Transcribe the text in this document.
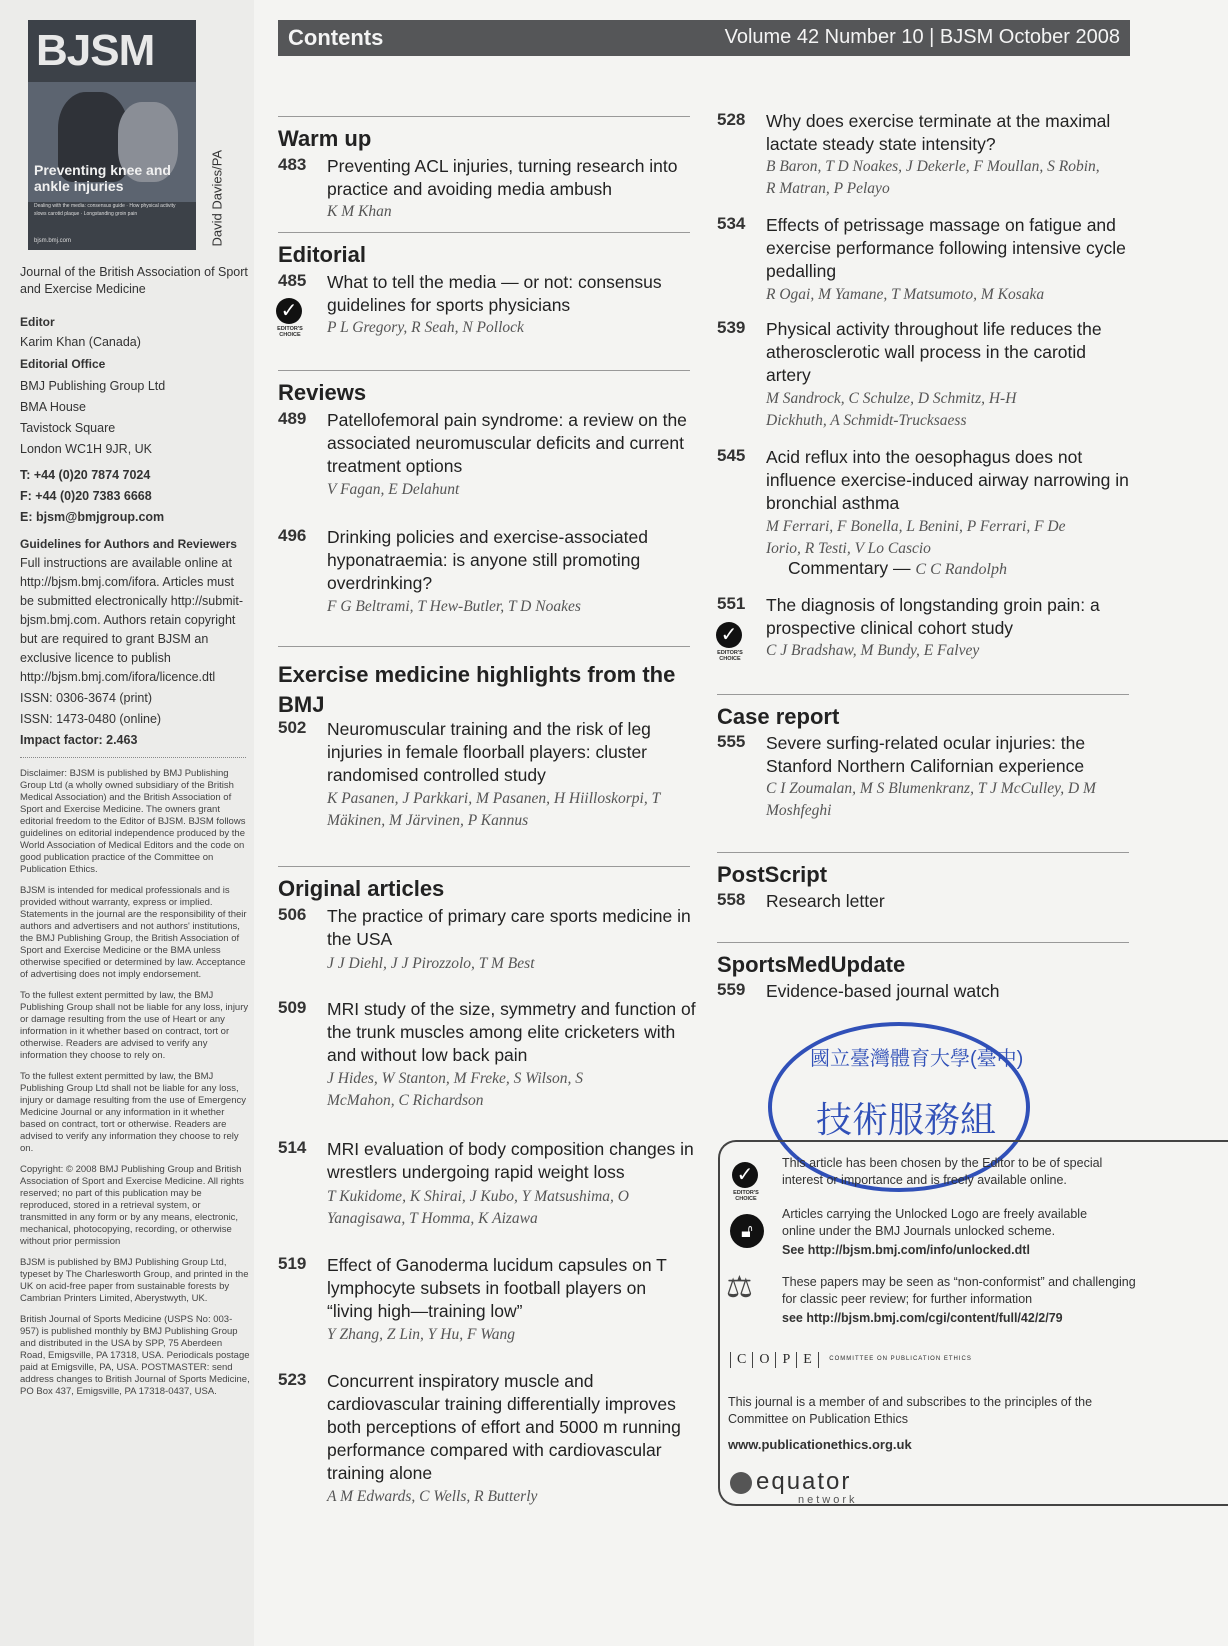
BJSM
Preventing knee and ankle injuries
Dealing with the media: consensus guide · How physical activity slows carotid plaque · Longstanding groin pain
bjsm.bmj.com	David Davies/PA
Journal of the British Association of Sport and Exercise Medicine
Editor
Karim Khan (Canada)
Editorial Office
BMJ Publishing Group Ltd
BMA House
Tavistock Square
London WC1H 9JR, UK
T: +44 (0)20 7874 7024
F: +44 (0)20 7383 6668
E: bjsm@bmjgroup.com
Guidelines for Authors and Reviewers
Full instructions are available online at http://bjsm.bmj.com/ifora. Articles must be submitted electronically http://submit-bjsm.bmj.com. Authors retain copyright but are required to grant BJSM an exclusive licence to publish http://bjsm.bmj.com/ifora/licence.dtl
ISSN: 0306-3674 (print)
ISSN: 1473-0480 (online)
Impact factor: 2.463

Disclaimer: BJSM is published by BMJ Publishing Group Ltd (a wholly owned subsidiary of the British Medical Association) and the British Association of Sport and Exercise Medicine. The owners grant editorial freedom to the Editor of BJSM. BJSM follows guidelines on editorial independence produced by the World Association of Medical Editors and the code on good publication practice of the Committee on Publication Ethics.

BJSM is intended for medical professionals and is provided without warranty, express or implied. Statements in the journal are the responsibility of their authors and advertisers and not authors' institutions, the BMJ Publishing Group, the British Association of Sport and Exercise Medicine or the BMA unless otherwise specified or determined by law. Acceptance of advertising does not imply endorsement.

To the fullest extent permitted by law, the BMJ Publishing Group shall not be liable for any loss, injury or damage resulting from the use of Heart or any information in it whether based on contract, tort or otherwise. Readers are advised to verify any information they choose to rely on.

To the fullest extent permitted by law, the BMJ Publishing Group Ltd shall not be liable for any loss, injury or damage resulting from the use of Emergency Medicine Journal or any information in it whether based on contract, tort or otherwise. Readers are advised to verify any information they choose to rely on.

Copyright: © 2008 BMJ Publishing Group and British Association of Sport and Exercise Medicine. All rights reserved; no part of this publication may be reproduced, stored in a retrieval system, or transmitted in any form or by any means, electronic, mechanical, photocopying, recording, or otherwise without prior permission

BJSM is published by BMJ Publishing Group Ltd, typeset by The Charlesworth Group, and printed in the UK on acid-free paper from sustainable forests by Cambrian Printers Limited, Aberystwyth, UK.

British Journal of Sports Medicine (USPS No: 003-957) is published monthly by BMJ Publishing Group and distributed in the USA by SPP, 75 Aberdeen Road, Emigsville, PA 17318, USA. Periodicals postage paid at Emigsville, PA, USA. POSTMASTER: send address changes to British Journal of Sports Medicine, PO Box 437, Emigsville, PA 17318-0437, USA.

Contents	Volume 42 Number 10 | BJSM October 2008
Warm up
483 Preventing ACL injuries, turning research into practice and avoiding media ambush
K M Khan
Editorial
485 What to tell the media — or not: consensus guidelines for sports physicians
P L Gregory, R Seah, N Pollock
✓
EDITOR'S CHOICE
Reviews
489 Patellofemoral pain syndrome: a review on the associated neuromuscular deficits and current treatment options
V Fagan, E Delahunt
496 Drinking policies and exercise-associated hyponatraemia: is anyone still promoting overdrinking?
F G Beltrami, T Hew-Butler, T D Noakes
Exercise medicine highlights from the BMJ
502 Neuromuscular training and the risk of leg injuries in female floorball players: cluster randomised controlled study
K Pasanen, J Parkkari, M Pasanen, H Hiilloskorpi, T Mäkinen, M Järvinen, P Kannus
Original articles
506 The practice of primary care sports medicine in the USA
J J Diehl, J J Pirozzolo, T M Best
509 MRI study of the size, symmetry and function of the trunk muscles among elite cricketers with and without low back pain
J Hides, W Stanton, M Freke, S Wilson, S McMahon, C Richardson
514 MRI evaluation of body composition changes in wrestlers undergoing rapid weight loss
T Kukidome, K Shirai, J Kubo, Y Matsushima, O Yanagisawa, T Homma, K Aizawa
519 Effect of Ganoderma lucidum capsules on T lymphocyte subsets in football players on “living high—training low”
Y Zhang, Z Lin, Y Hu, F Wang
523 Concurrent inspiratory muscle and cardiovascular training differentially improves both perceptions of effort and 5000 m running performance compared with cardiovascular training alone
A M Edwards, C Wells, R Butterly
528 Why does exercise terminate at the maximal lactate steady state intensity?
B Baron, T D Noakes, J Dekerle, F Moullan, S Robin, R Matran, P Pelayo
534 Effects of petrissage massage on fatigue and exercise performance following intensive cycle pedalling
R Ogai, M Yamane, T Matsumoto, M Kosaka
539 Physical activity throughout life reduces the atherosclerotic wall process in the carotid artery
M Sandrock, C Schulze, D Schmitz, H-H Dickhuth, A Schmidt-Trucksaess
545 Acid reflux into the oesophagus does not influence exercise-induced airway narrowing in bronchial asthma
M Ferrari, F Bonella, L Benini, P Ferrari, F De Iorio, R Testi, V Lo Cascio
Commentary — C C Randolph
551 The diagnosis of longstanding groin pain: a prospective clinical cohort study
C J Bradshaw, M Bundy, E Falvey
✓
EDITOR'S CHOICE
Case report
555 Severe surfing-related ocular injuries: the Stanford Northern Californian experience
C I Zoumalan, M S Blumenkranz, T J McCulley, D M Moshfeghi
PostScript
558 Research letter
SportsMedUpdate
559 Evidence-based journal watch
國立臺灣體育大學(臺中)
技術服務組
✓
EDITOR'S CHOICE
This article has been chosen by the Editor to be of special interest or importance and is freely available online.
🔓︎
Articles carrying the Unlocked Logo are freely available online under the BMJ Journals unlocked scheme.
See http://bjsm.bmj.com/info/unlocked.dtl
⚖ These papers may be seen as “non-conformist” and challenging for classic peer review; for further information
see http://bjsm.bmj.com/cgi/content/full/42/2/79
C O P E	COMMITTEE ON PUBLICATION ETHICS
This journal is a member of and subscribes to the principles of the Committee on Publication Ethics
www.publicationethics.org.uk
equator
network
